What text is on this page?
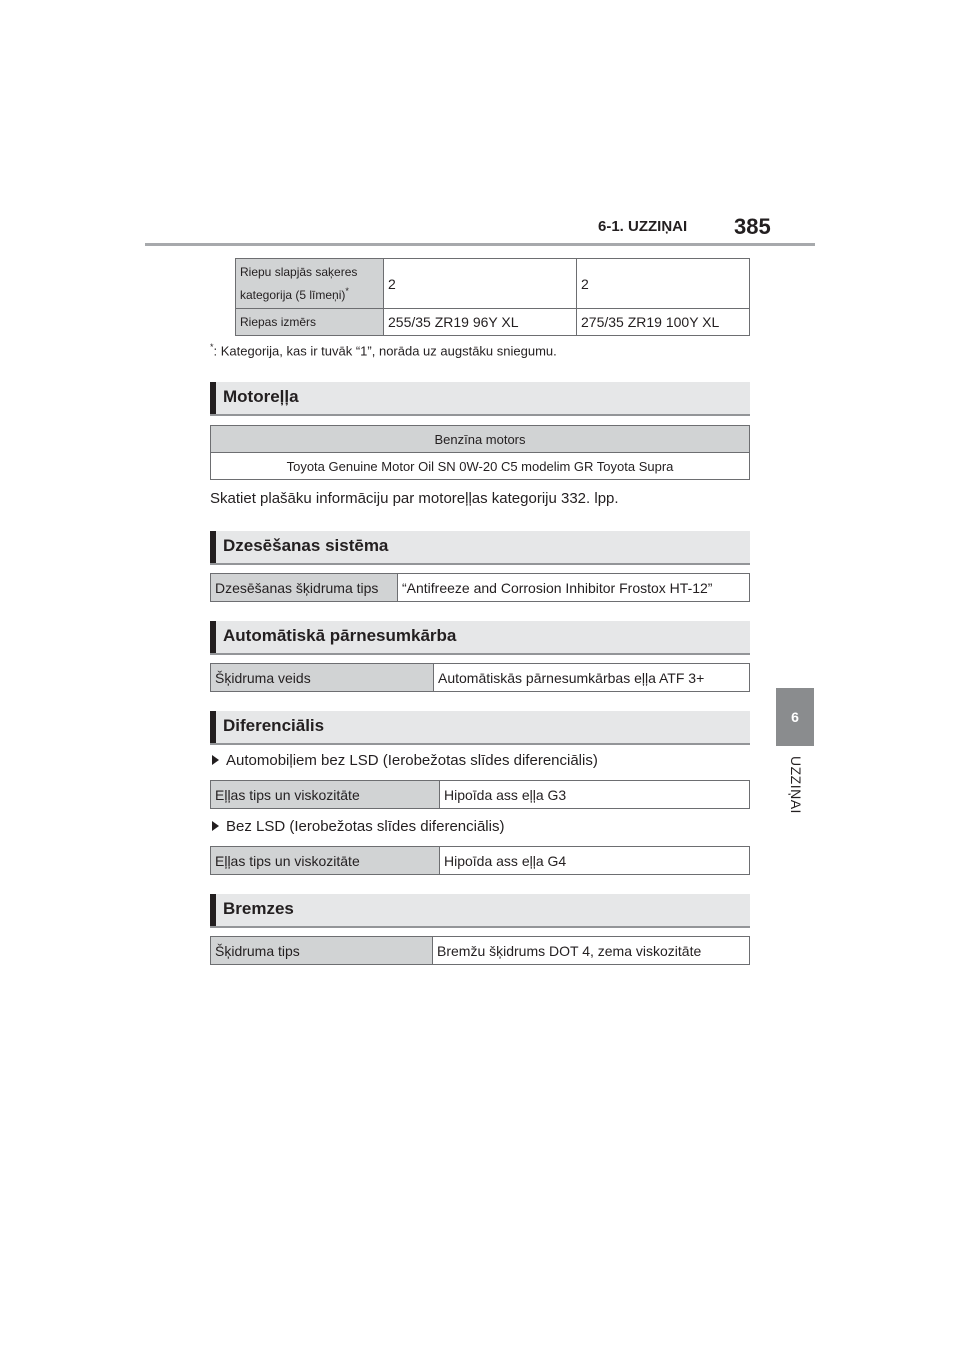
6-1. UZZIŅAI 385
6
UZZIŅAI
Riepu slapjās saķeres
kategorija (5 līmeņi)*	2	2
Riepas izmērs	255/35 ZR19 96Y XL	275/35 ZR19 100Y XL
*: Kategorija, kas ir tuvāk “1”, norāda uz augstāku sniegumu.
Motoreļļa
Benzīna motors
Toyota Genuine Motor Oil SN 0W-20 C5 modelim GR Toyota Supra
Skatiet plašāku informāciju par motoreļļas kategoriju 332. lpp.
Dzesēšanas sistēma
Dzesēšanas šķidruma tips	“Antifreeze and Corrosion Inhibitor Frostox HT-12”
Automātiskā pārnesumkārba
Šķidruma veids	Automātiskās pārnesumkārbas eļļa ATF 3+
Diferenciālis
Automobiļiem bez LSD (Ierobežotas slīdes diferenciālis)
Eļļas tips un viskozitāte	Hipoīda ass eļļa G3
Bez LSD (Ierobežotas slīdes diferenciālis)
Eļļas tips un viskozitāte	Hipoīda ass eļļa G4
Bremzes
Šķidruma tips	Bremžu šķidrums DOT 4, zema viskozitāte
